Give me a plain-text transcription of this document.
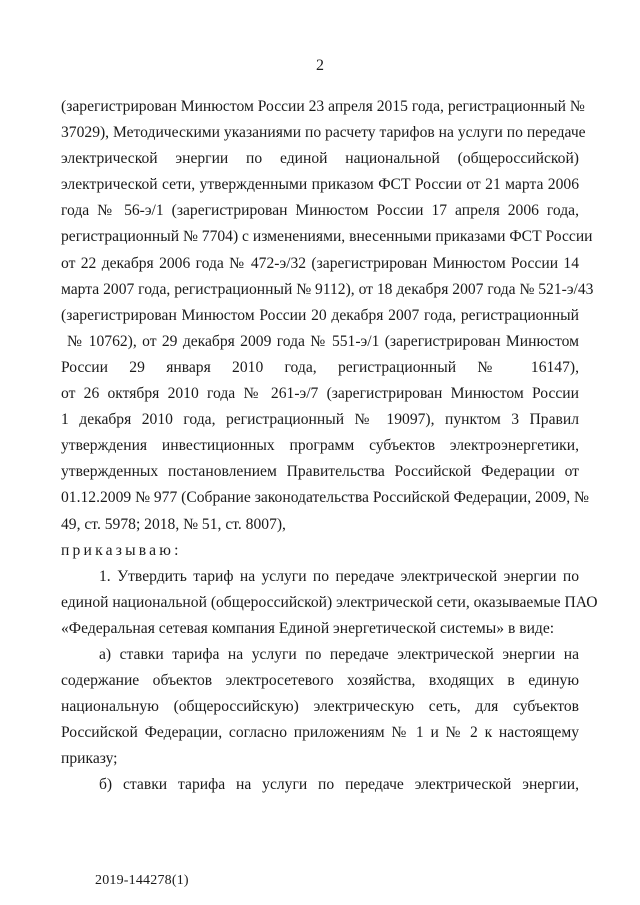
2
(зарегистрирован Минюстом России 23 апреля 2015 года, регистрационный №
37029), Методическими указаниями по расчету тарифов на услуги по передаче
электрической энергии по единой национальной (общероссийской)
электрической сети, утвержденными приказом ФСТ России от 21 марта 2006
года № 56-э/1 (зарегистрирован Минюстом России 17 апреля 2006 года,
регистрационный № 7704) с изменениями, внесенными приказами ФСТ России
от 22 декабря 2006 года № 472-э/32 (зарегистрирован Минюстом России 14
марта 2007 года, регистрационный № 9112), от 18 декабря 2007 года № 521-э/43
(зарегистрирован Минюстом России 20 декабря 2007 года, регистрационный
№ 10762), от 29 декабря 2009 года № 551-э/1 (зарегистрирован Минюстом
России 29 января 2010 года, регистрационный № 16147),
от 26 октября 2010 года № 261-э/7 (зарегистрирован Минюстом России
1 декабря 2010 года, регистрационный № 19097), пунктом 3 Правил
утверждения инвестиционных программ субъектов электроэнергетики,
утвержденных постановлением Правительства Российской Федерации от
01.12.2009 № 977 (Собрание законодательства Российской Федерации, 2009, №
49, ст. 5978; 2018, № 51, ст. 8007),
приказываю:
1. Утвердить тариф на услуги по передаче электрической энергии по
единой национальной (общероссийской) электрической сети, оказываемые ПАО
«Федеральная сетевая компания Единой энергетической системы» в виде:
а) ставки тарифа на услуги по передаче электрической энергии на
содержание объектов электросетевого хозяйства, входящих в единую
национальную (общероссийскую) электрическую сеть, для субъектов
Российской Федерации, согласно приложениям № 1 и № 2 к настоящему
приказу;
б) ставки тарифа на услуги по передаче электрической энергии,
2019-144278(1)
